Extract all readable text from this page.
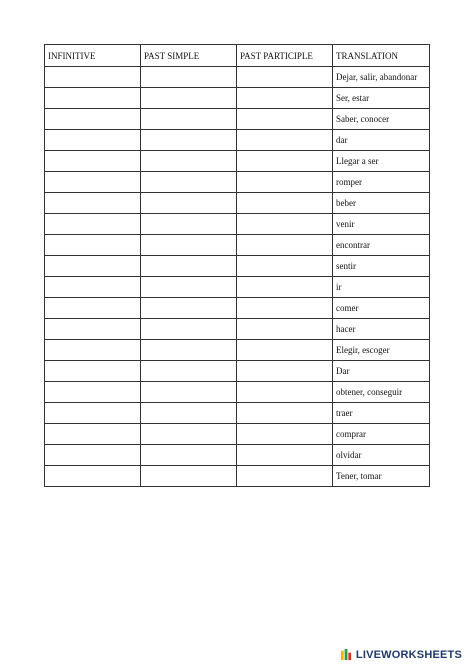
INFINITIVE	PAST SIMPLE	PAST PARTICIPLE	TRANSLATION
			Dejar, salir, abandonar
			Ser, estar
			Saber, conocer
			dar
			Llegar a ser
			romper
			beber
			venir
			encontrar
			sentir
			ir
			comer
			hacer
			Elegir, escoger
			Dar
			obtener, conseguir
			traer
			comprar
			olvidar
			Tener, tomar
LIVEWORKSHEETS
